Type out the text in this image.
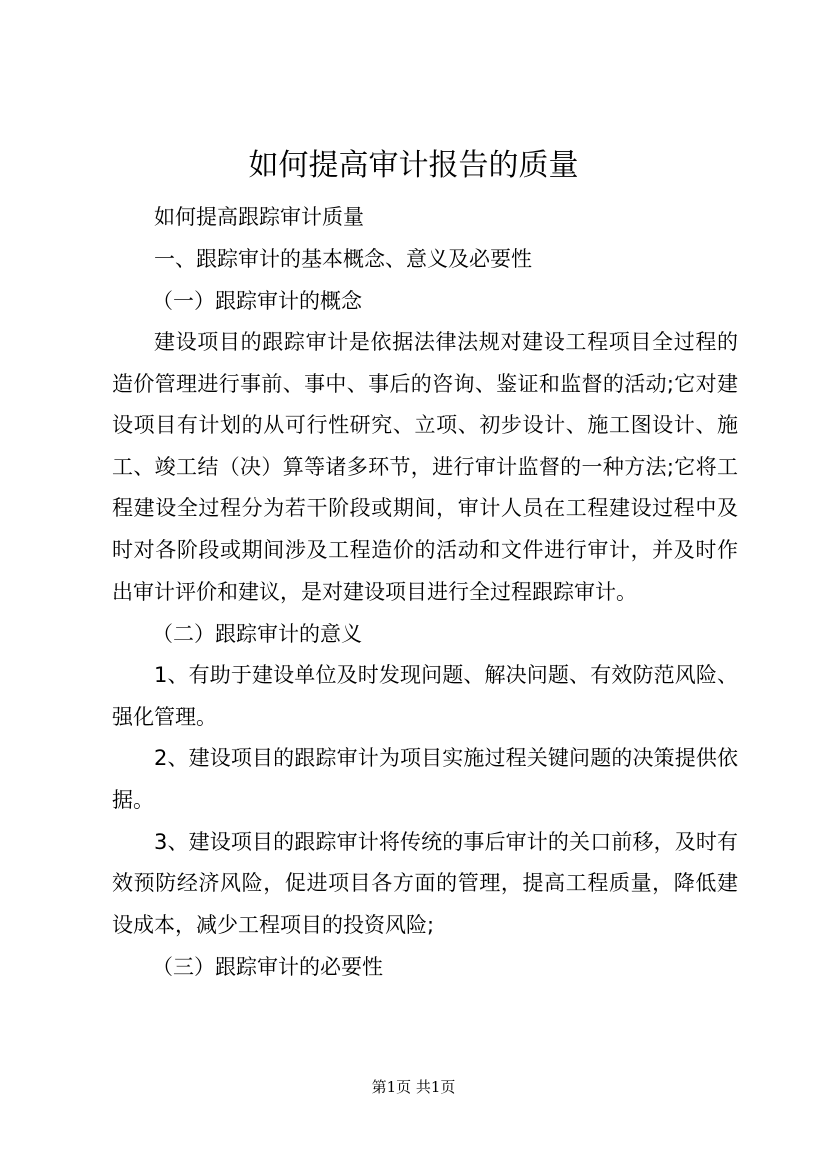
如何提高审计报告的质量

如何提高跟踪审计质量

一、跟踪审计的基本概念、意义及必要性

（一）跟踪审计的概念

建设项目的跟踪审计是依据法律法规对建设工程项目全过程的造价管理进行事前、事中、事后的咨询、鉴证和监督的活动;它对建设项目有计划的从可行性研究、立项、初步设计、施工图设计、施工、竣工结（决）算等诸多环节，进行审计监督的一种方法;它将工程建设全过程分为若干阶段或期间，审计人员在工程建设过程中及时对各阶段或期间涉及工程造价的活动和文件进行审计，并及时作出审计评价和建议，是对建设项目进行全过程跟踪审计。

（二）跟踪审计的意义

1、有助于建设单位及时发现问题、解决问题、有效防范风险、强化管理。

2、建设项目的跟踪审计为项目实施过程关键问题的决策提供依据。

3、建设项目的跟踪审计将传统的事后审计的关口前移，及时有效预防经济风险，促进项目各方面的管理，提高工程质量，降低建设成本，减少工程项目的投资风险;

（三）跟踪审计的必要性

第1页 共1页
